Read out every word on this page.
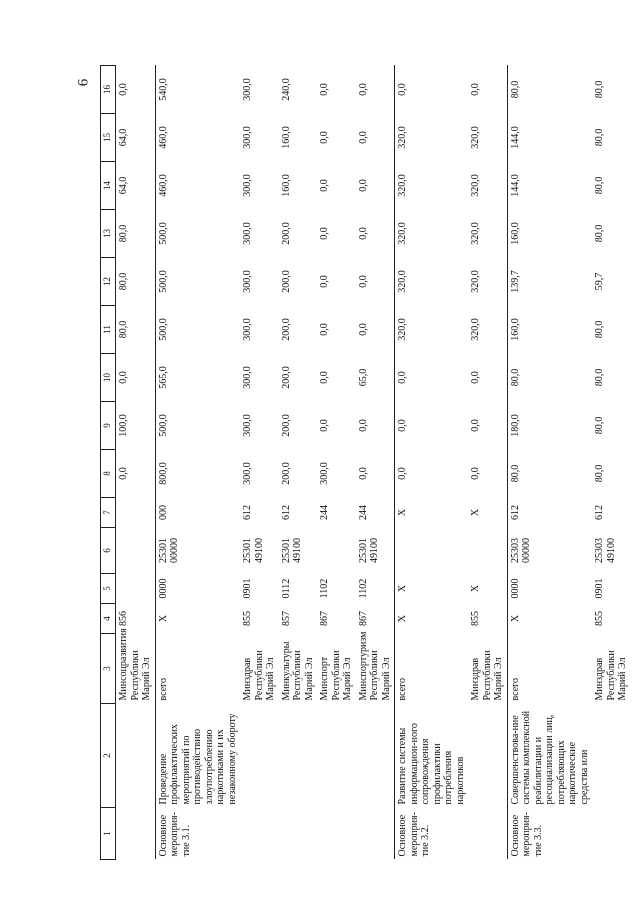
6
1	2	3	4	5	6	7	8	9	10	11	12	13	14	15	16
		Минсоцразвития Республики Марий Эл	856				0,0	100,0	0,0	80,0	80,0	80,0	64,0	64,0	0,0
Основное мероприя-тие 3.1.	Проведение профилактических мероприятий по противодействию злоупотреблению наркотиками и их незаконному обороту	всего	Х	0000	25301 00000	000	800,0	500,0	565,0	500,0	500,0	500,0	460,0	460,0	540,0
		Минздрав Республики Марий Эл	855	0901	25301 49100	612	300,0	300,0	300,0	300,0	300,0	300,0	300,0	300,0	300,0
		Минкультуры Республики Марий Эл	857	0112	25301 49100	612	200,0	200,0	200,0	200,0	200,0	200,0	160,0	160,0	240,0
		Минспорт Республики Марий Эл	867	1102		244	300,0	0,0	0,0	0,0	0,0	0,0	0,0	0,0	0,0
		Минспортуризм Республики Марий Эл	867	1102	25301 49100	244	0,0	0,0	65,0	0,0	0,0	0,0	0,0	0,0	0,0
Основное мероприя-тие 3.2.	Развитие системы информацион-ного сопровождения профилактики потребления наркотиков	всего	Х	Х		Х	0,0	0,0	0,0	320,0	320,0	320,0	320,0	320,0	0,0
		Минздрав Республики Марий Эл	855	Х		Х	0,0	0,0	0,0	320,0	320,0	320,0	320,0	320,0	0,0
Основное мероприя-тие 3.3.	Совершенствова-ние системы комплексной реабилитации и ресоциализации лиц, потребляющих наркотические средства или	всего	Х	0000	25303 00000	612	80,0	180,0	80,0	160,0	139,7	160,0	144,0	144,0	80,0
		Минздрав Республики Марий Эл	855	0901	25303 49100	612	80,0	80,0	80,0	80,0	59,7	80,0	80,0	80,0	80,0
